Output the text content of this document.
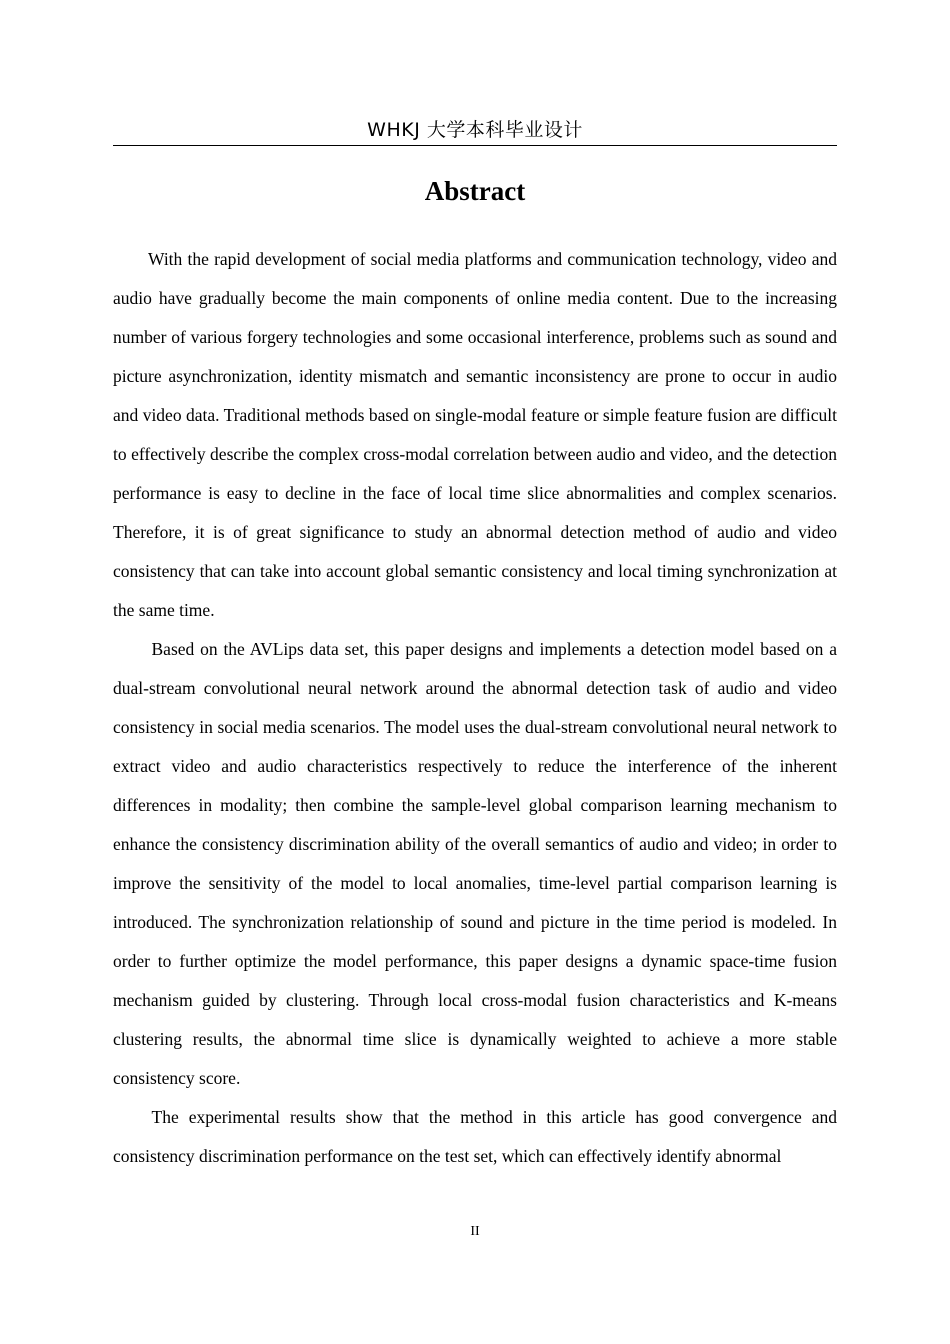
WHKJ 大学本科毕业设计
Abstract

With the rapid development of social media platforms and communication technology, video and audio have gradually become the main components of online media content. Due to the increasing number of various forgery technologies and some occasional interference, problems such as sound and picture asynchronization, identity mismatch and semantic inconsistency are prone to occur in audio and video data. Traditional methods based on single-modal feature or simple feature fusion are difficult to effectively describe the complex cross-modal correlation between audio and video, and the detection performance is easy to decline in the face of local time slice abnormalities and complex scenarios. Therefore, it is of great significance to study an abnormal detection method of audio and video consistency that can take into account global semantic consistency and local timing synchronization at the same time.

Based on the AVLips data set, this paper designs and implements a detection model based on a dual-stream convolutional neural network around the abnormal detection task of audio and video consistency in social media scenarios. The model uses the dual-stream convolutional neural network to extract video and audio characteristics respectively to reduce the interference of the inherent differences in modality; then combine the sample-level global comparison learning mechanism to enhance the consistency discrimination ability of the overall semantics of audio and video; in order to improve the sensitivity of the model to local anomalies, time-level partial comparison learning is introduced. The synchronization relationship of sound and picture in the time period is modeled. In order to further optimize the model performance, this paper designs a dynamic space-time fusion mechanism guided by clustering. Through local cross-modal fusion characteristics and K-means clustering results, the abnormal time slice is dynamically weighted to achieve a more stable consistency score.

The experimental results show that the method in this article has good convergence and consistency discrimination performance on the test set, which can effectively identify abnormal

II
